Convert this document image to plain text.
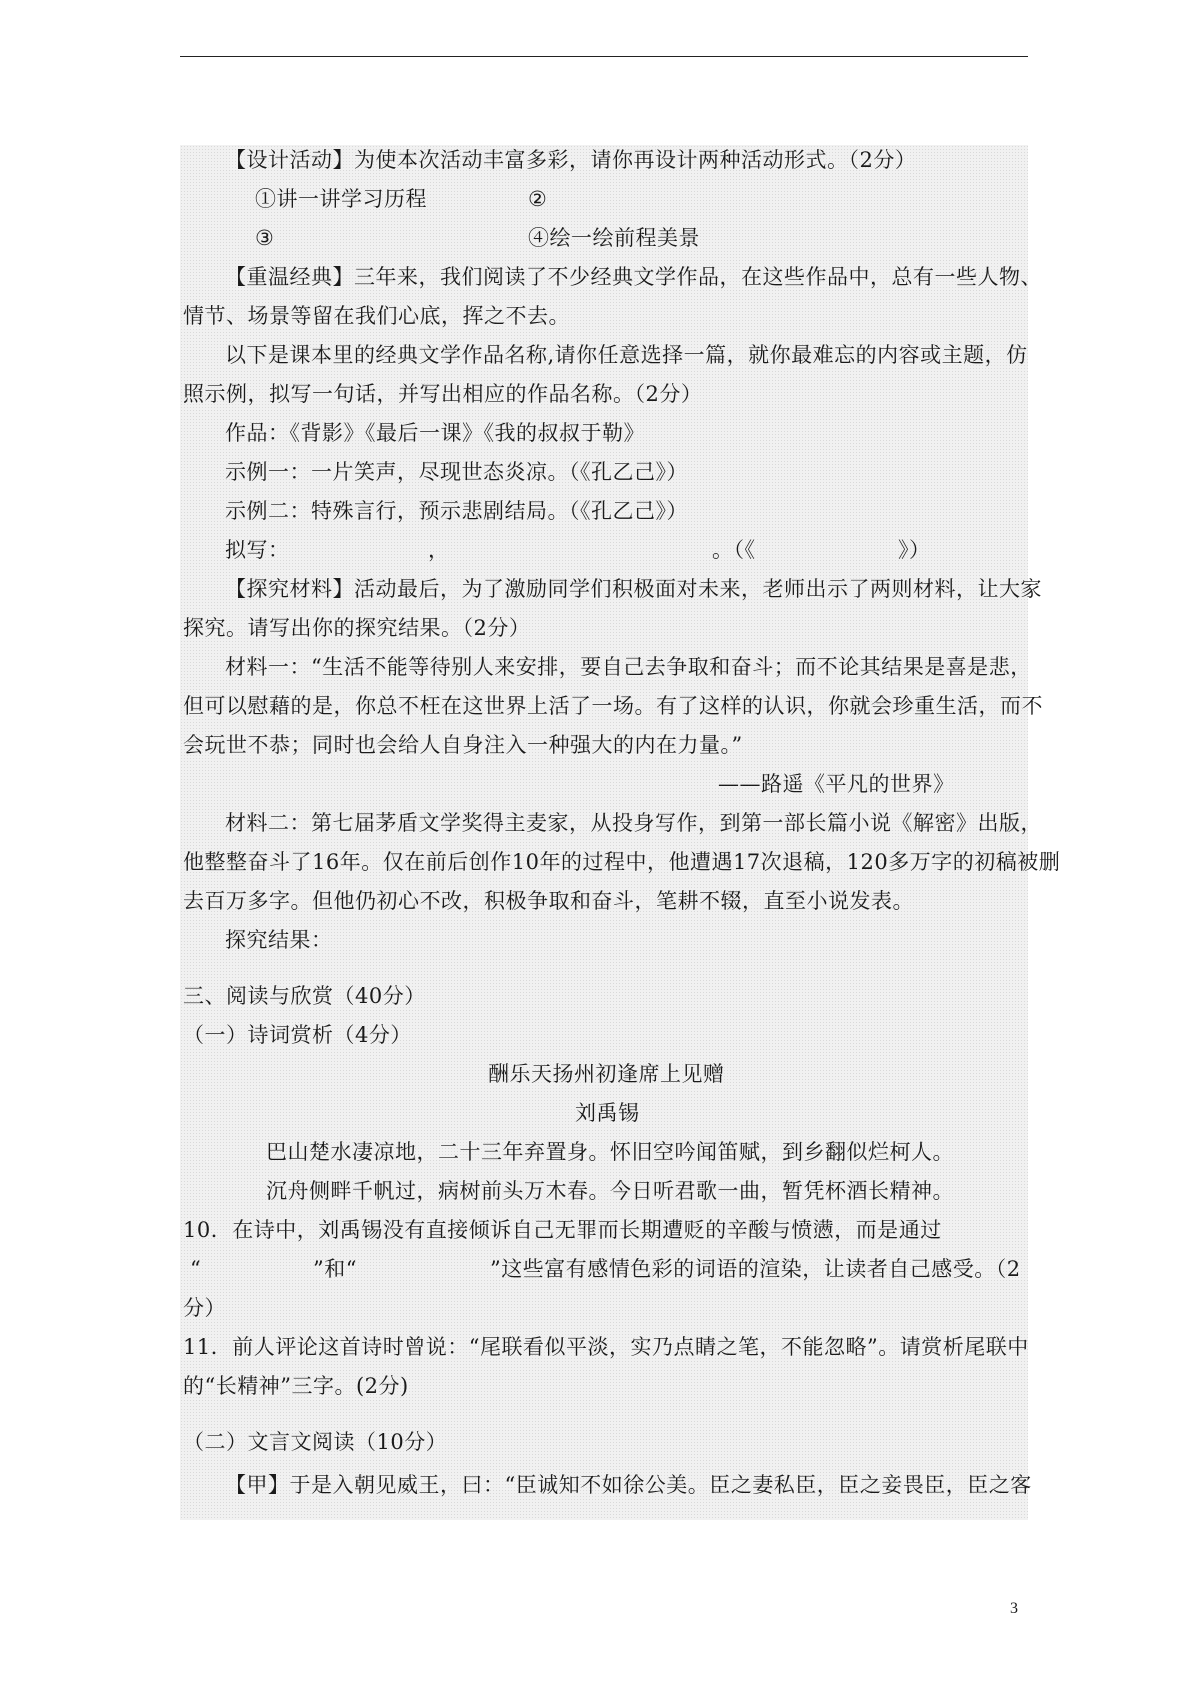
【设计活动】为使本次活动丰富多彩，请你再设计两种活动形式。（2分）
①讲一讲学习历程	②
③	④绘一绘前程美景
【重温经典】三年来，我们阅读了不少经典文学作品，在这些作品中，总有一些人物、
情节、场景等留在我们心底，挥之不去。
以下是课本里的经典文学作品名称,请你任意选择一篇，就你最难忘的内容或主题，仿
照示例，拟写一句话，并写出相应的作品名称。（2分）
作品：《背影》《最后一课》《我的叔叔于勒》
示例一：一片笑声，尽现世态炎凉。（《孔乙己》）
示例二：特殊言行，预示悲剧结局。（《孔乙己》）
拟写：	，	。（《	》）
【探究材料】活动最后，为了激励同学们积极面对未来，老师出示了两则材料，让大家
探究。请写出你的探究结果。（2分）
材料一：“生活不能等待别人来安排，要自己去争取和奋斗；而不论其结果是喜是悲，
但可以慰藉的是，你总不枉在这世界上活了一场。有了这样的认识，你就会珍重生活，而不
会玩世不恭；同时也会给人自身注入一种强大的内在力量。”
——路遥《平凡的世界》
材料二：第七届茅盾文学奖得主麦家，从投身写作，到第一部长篇小说《解密》出版，
他整整奋斗了16年。仅在前后创作10年的过程中，他遭遇17次退稿，120多万字的初稿被删
去百万多字。但他仍初心不改，积极争取和奋斗，笔耕不辍，直至小说发表。
探究结果：
三、阅读与欣赏（40分）
（一）诗词赏析（4分）
酬乐天扬州初逢席上见赠
刘禹锡
巴山楚水凄凉地，二十三年弃置身。怀旧空吟闻笛赋，到乡翻似烂柯人。
沉舟侧畔千帆过，病树前头万木春。今日听君歌一曲，暂凭杯酒长精神。
10．在诗中，刘禹锡没有直接倾诉自己无罪而长期遭贬的辛酸与愤懑，而是通过
“	”和“	”这些富有感情色彩的词语的渲染，让读者自己感受。（2
分）
11．前人评论这首诗时曾说：“尾联看似平淡，实乃点睛之笔，不能忽略”。请赏析尾联中
的“长精神”三字。(2分)
（二）文言文阅读（10分）
【甲】于是入朝见威王，曰：“臣诚知不如徐公美。臣之妻私臣，臣之妾畏臣，臣之客
3
